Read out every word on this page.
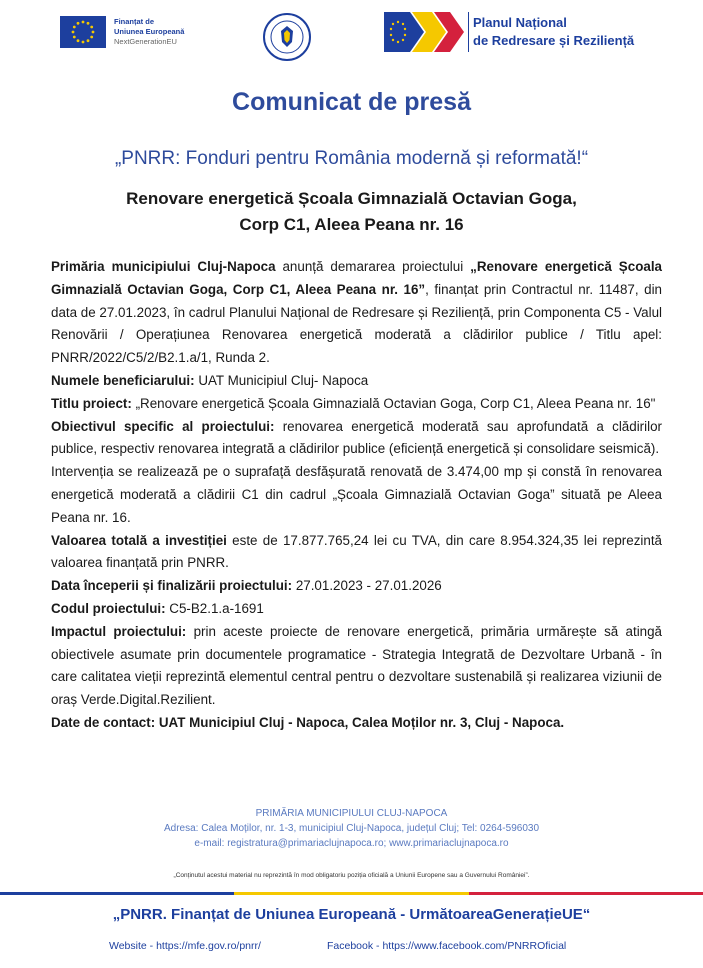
Finanțat de
Uniunea Europeană
NextGenerationEU
Planul Național
de Redresare și Reziliență
Comunicat de presă
„PNRR: Fonduri pentru România modernă și reformată!“
Renovare energetică Școala Gimnazială Octavian Goga,
Corp C1, Aleea Peana nr. 16

Primăria municipiului Cluj-Napoca anunță demararea proiectului „Renovare energetică Școala Gimnazială Octavian Goga, Corp C1, Aleea Peana nr. 16”, finanțat prin Contractul nr. 11487, din data de 27.01.2023, în cadrul Planului Național de Redresare și Reziliență, prin Componenta C5 - Valul Renovării / Operațiunea Renovarea energetică moderată a clădirilor publice / Titlu apel: PNRR/2022/C5/2/B2.1.a/1, Runda 2.

Numele beneficiarului: UAT Municipiul Cluj- Napoca

Titlu proiect: „Renovare energetică Școala Gimnazială Octavian Goga, Corp C1, Aleea Peana nr. 16"

Obiectivul specific al proiectului: renovarea energetică moderată sau aprofundată a clădirilor publice, respectiv renovarea integrată a clădirilor publice (eficiență energetică și consolidare seismică).

Intervenția se realizează pe o suprafață desfășurată renovată de 3.474,00 mp și constă în renovarea energetică moderată a clădirii C1 din cadrul „Școala Gimnazială Octavian Goga” situată pe Aleea Peana nr. 16.

Valoarea totală a investiției este de 17.877.765,24 lei cu TVA, din care 8.954.324,35 lei reprezintă valoarea finanțată prin PNRR.

Data începerii și finalizării proiectului: 27.01.2023 - 27.01.2026

Codul proiectului: C5-B2.1.a-1691

Impactul proiectului: prin aceste proiecte de renovare energetică, primăria urmărește să atingă obiectivele asumate prin documentele programatice - Strategia Integrată de Dezvoltare Urbană - în care calitatea vieții reprezintă elementul central pentru o dezvoltare sustenabilă și realizarea viziunii de oraș Verde.Digital.Rezilient.

Date de contact: UAT Municipiul Cluj - Napoca, Calea Moților nr. 3, Cluj - Napoca.

PRIMĂRIA MUNICIPIULUI CLUJ-NAPOCA
Adresa: Calea Moților, nr. 1-3, municipiul Cluj-Napoca, județul Cluj; Tel: 0264-596030
e-mail: registratura@primariaclujnapoca.ro; www.primariaclujnapoca.ro
„Conținutul acestui material nu reprezintă în mod obligatoriu poziția oficială a Uniunii Europene sau a Guvernului României”.
„PNRR. Finanțat de Uniunea Europeană - UrmătoareaGenerațieUE“
Website - https://mfe.gov.ro/pnrr/	Facebook - https://www.facebook.com/PNRROficial
